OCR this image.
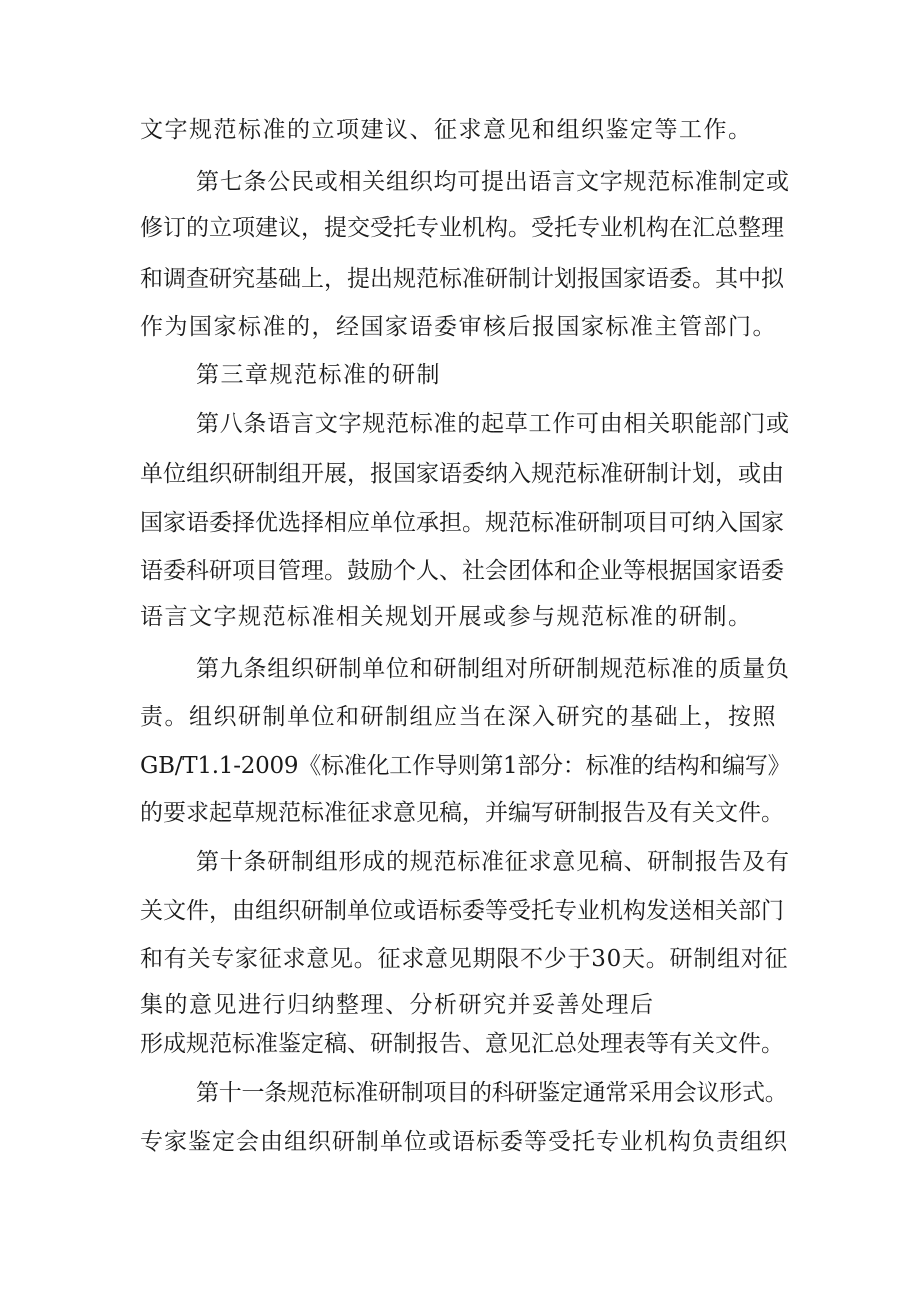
文字规范标准的立项建议、征求意见和组织鉴定等工作。
第七条公民或相关组织均可提出语言文字规范标准制定或
修订的立项建议，提交受托专业机构。受托专业机构在汇总整理
和调查研究基础上，提出规范标准研制计划报国家语委。其中拟
作为国家标准的，经国家语委审核后报国家标准主管部门。
第三章规范标准的研制
第八条语言文字规范标准的起草工作可由相关职能部门或
单位组织研制组开展，报国家语委纳入规范标准研制计划，或由
国家语委择优选择相应单位承担。规范标准研制项目可纳入国家
语委科研项目管理。鼓励个人、社会团体和企业等根据国家语委
语言文字规范标准相关规划开展或参与规范标准的研制。
第九条组织研制单位和研制组对所研制规范标准的质量负
责。组织研制单位和研制组应当在深入研究的基础上，按照
GB/T1.1-2009《标准化工作导则第1部分：标准的结构和编写》
的要求起草规范标准征求意见稿，并编写研制报告及有关文件。
第十条研制组形成的规范标准征求意见稿、研制报告及有
关文件，由组织研制单位或语标委等受托专业机构发送相关部门
和有关专家征求意见。征求意见期限不少于30天。研制组对征
集的意见进行归纳整理、分析研究并妥善处理后
形成规范标准鉴定稿、研制报告、意见汇总处理表等有关文件。
第十一条规范标准研制项目的科研鉴定通常采用会议形式。
专家鉴定会由组织研制单位或语标委等受托专业机构负责组织
